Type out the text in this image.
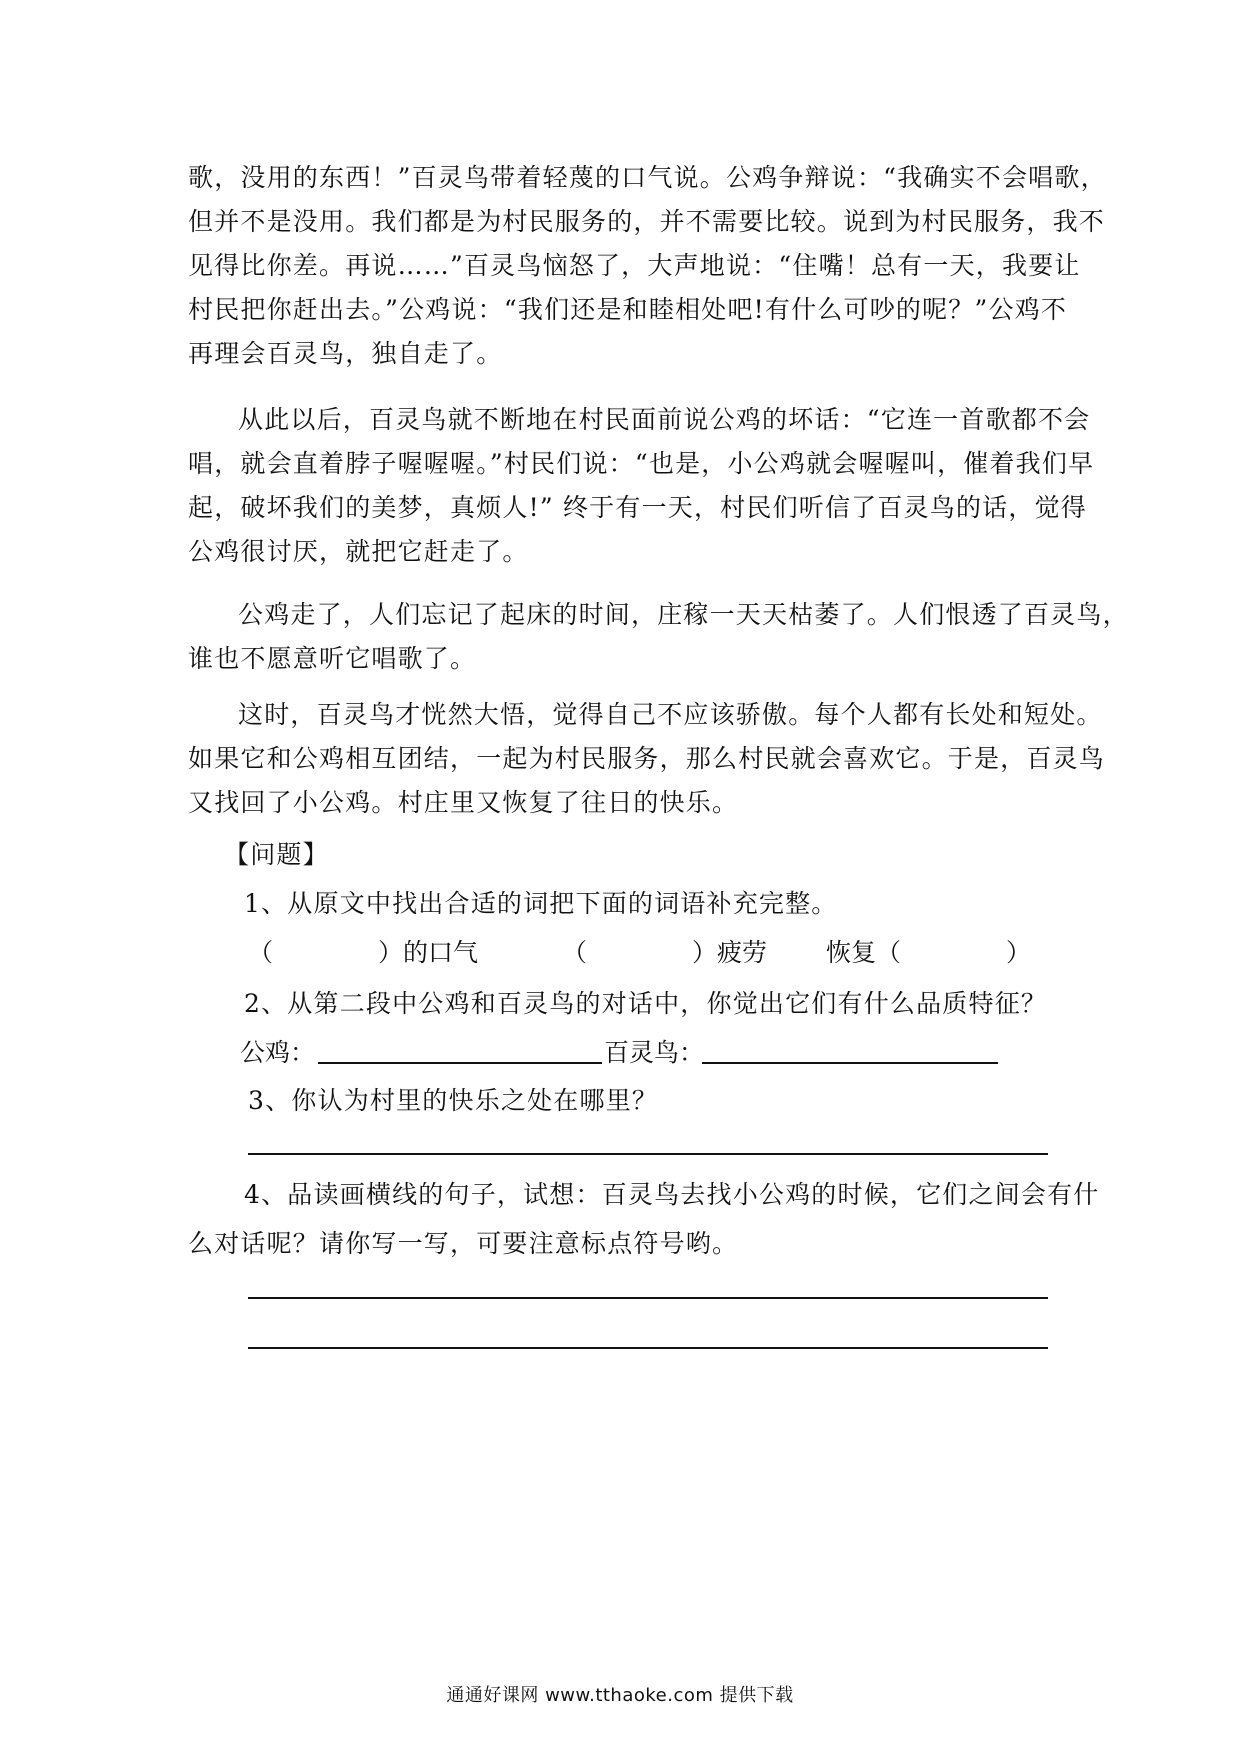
歌，没用的东西！”百灵鸟带着轻蔑的口气说。公鸡争辩说：“我确实不会唱歌，
但并不是没用。我们都是为村民服务的，并不需要比较。说到为村民服务，我不
见得比你差。再说……”百灵鸟恼怒了，大声地说：“住嘴！总有一天，我要让
村民把你赶出去。”公鸡说：“我们还是和睦相处吧!有什么可吵的呢？”公鸡不
再理会百灵鸟，独自走了。
从此以后，百灵鸟就不断地在村民面前说公鸡的坏话：“它连一首歌都不会
唱，就会直着脖子喔喔喔。”村民们说：“也是，小公鸡就会喔喔叫，催着我们早
起，破坏我们的美梦，真烦人!” 终于有一天，村民们听信了百灵鸟的话，觉得
公鸡很讨厌，就把它赶走了。
公鸡走了，人们忘记了起床的时间，庄稼一天天枯萎了。人们恨透了百灵鸟，
谁也不愿意听它唱歌了。
这时，百灵鸟才恍然大悟，觉得自己不应该骄傲。每个人都有长处和短处。
如果它和公鸡相互团结，一起为村民服务，那么村民就会喜欢它。于是，百灵鸟
又找回了小公鸡。村庄里又恢复了往日的快乐。
【问题】
1、从原文中找出合适的词把下面的词语补充完整。
（	）的口气	（	）疲劳 恢复（	）
2、从第二段中公鸡和百灵鸟的对话中，你觉出它们有什么品质特征？
公鸡：	百灵鸟：
3、你认为村里的快乐之处在哪里？
4、品读画横线的句子，试想：百灵鸟去找小公鸡的时候，它们之间会有什
么对话呢？请你写一写，可要注意标点符号哟。
通通好课网 www.tthaoke.com 提供下载
